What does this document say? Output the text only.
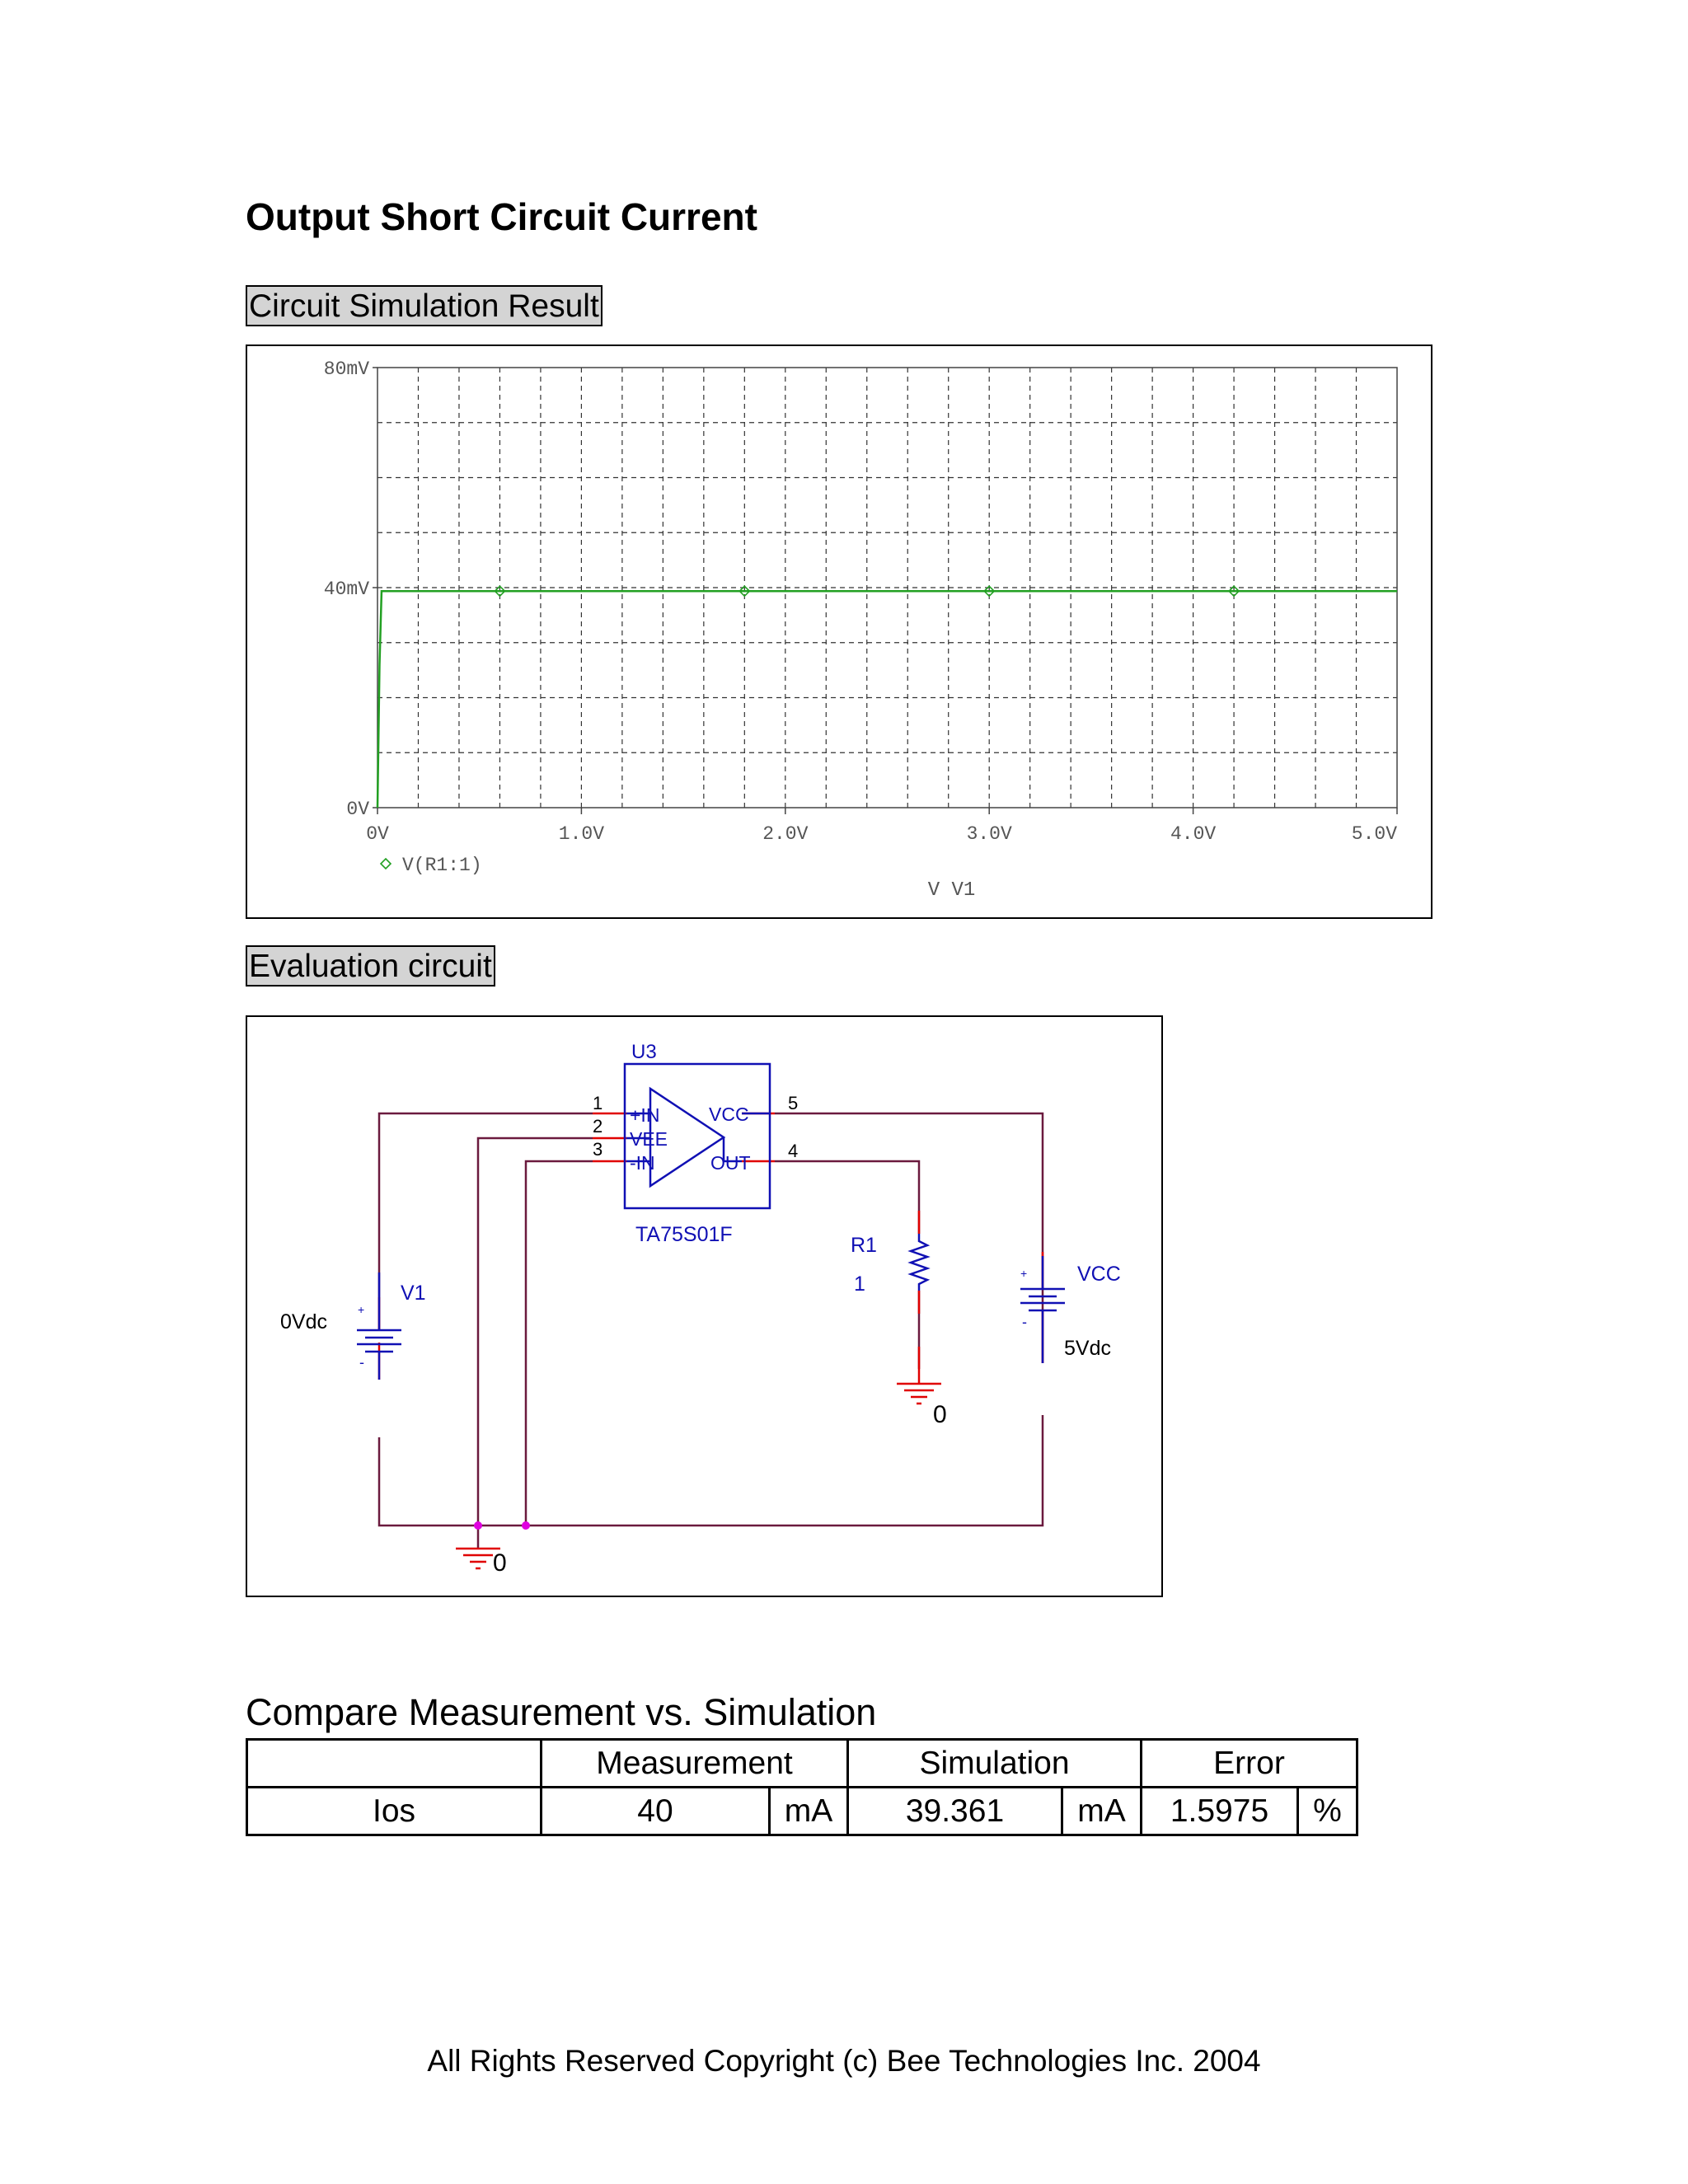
Output Short Circuit Current
Circuit Simulation Result
0V	1.0V	2.0V	3.0V	4.0V	5.0V
0V
40mV
80mV
V(R1:1)
V V1
Evaluation circuit
U3
TA75S01F
1
2
3
5
4
+IN
VEE
-IN
VCC
OUT
+
-
V1
0Vdc
R1
1	+
-
VCC
5Vdc
0
0
Compare Measurement vs. Simulation
	Measurement		Simulation		Error	
Ios	40	mA	39.361	mA	1.5975	%
All Rights Reserved Copyright (c) Bee Technologies Inc. 2004
